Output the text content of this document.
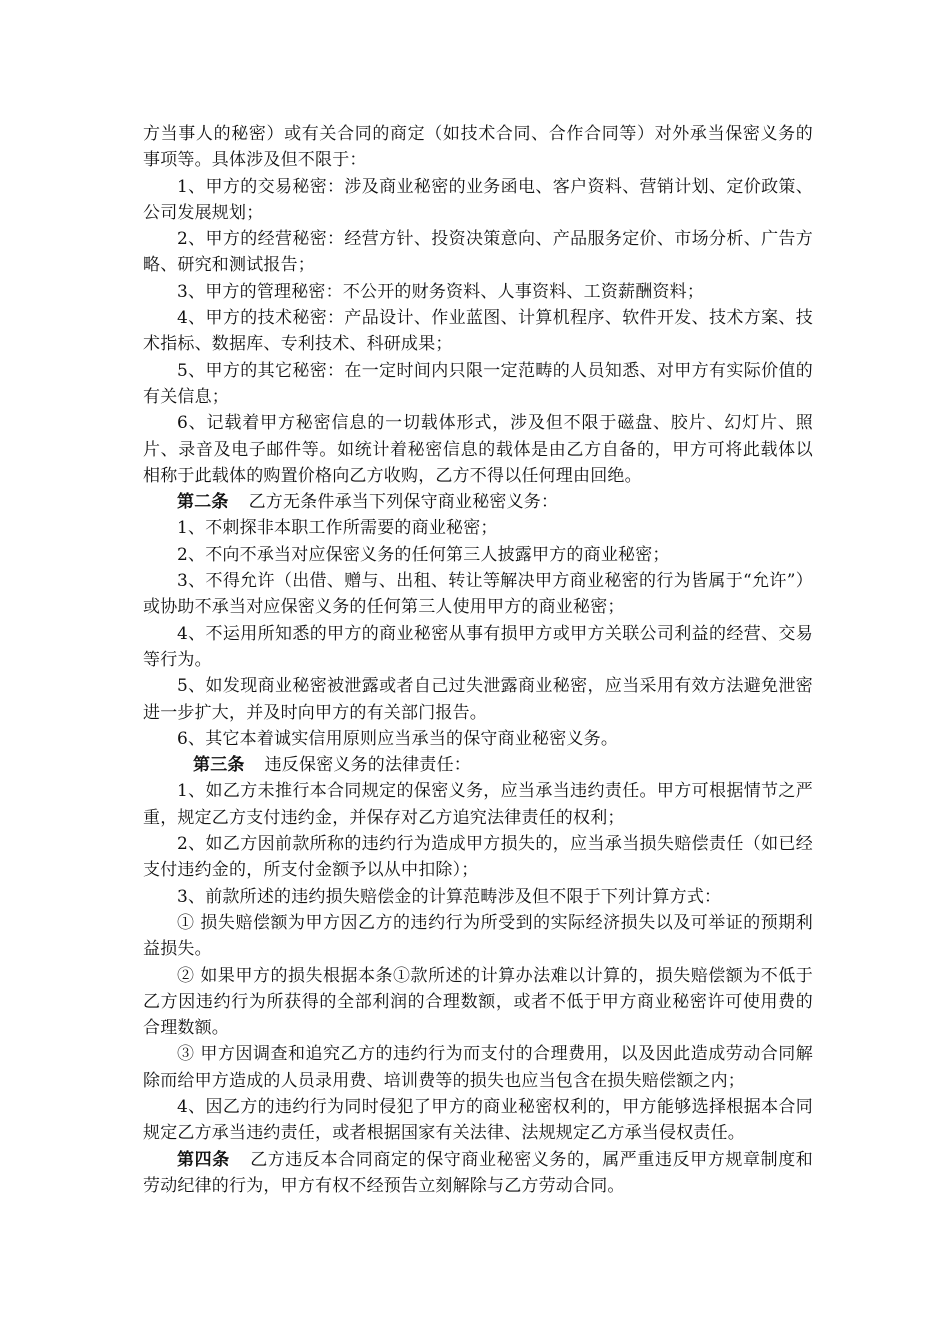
方当事人的秘密）或有关合同的商定（如技术合同、合作合同等）对外承当保密义务的事项等。具体涉及但不限于：

1、甲方的交易秘密：涉及商业秘密的业务函电、客户资料、营销计划、定价政策、公司发展规划；

2、甲方的经营秘密：经营方针、投资决策意向、产品服务定价、市场分析、广告方略、研究和测试报告；

3、甲方的管理秘密：不公开的财务资料、人事资料、工资薪酬资料；

4、甲方的技术秘密：产品设计、作业蓝图、计算机程序、软件开发、技术方案、技术指标、数据库、专利技术、科研成果；

5、甲方的其它秘密：在一定时间内只限一定范畴的人员知悉、对甲方有实际价值的有关信息；

6、记载着甲方秘密信息的一切载体形式，涉及但不限于磁盘、胶片、幻灯片、照片、录音及电子邮件等。如统计着秘密信息的载体是由乙方自备的，甲方可将此载体以相称于此载体的购置价格向乙方收购，乙方不得以任何理由回绝。

第二条 乙方无条件承当下列保守商业秘密义务：

1、不刺探非本职工作所需要的商业秘密；

2、不向不承当对应保密义务的任何第三人披露甲方的商业秘密；

3、不得允许（出借、赠与、出租、转让等解决甲方商业秘密的行为皆属于“允许”）或协助不承当对应保密义务的任何第三人使用甲方的商业秘密；

4、不运用所知悉的甲方的商业秘密从事有损甲方或甲方关联公司利益的经营、交易等行为。

5、如发现商业秘密被泄露或者自己过失泄露商业秘密，应当采用有效方法避免泄密进一步扩大，并及时向甲方的有关部门报告。

6、其它本着诚实信用原则应当承当的保守商业秘密义务。

第三条 违反保密义务的法律责任：

1、如乙方未推行本合同规定的保密义务，应当承当违约责任。甲方可根据情节之严重，规定乙方支付违约金，并保存对乙方追究法律责任的权利；

2、如乙方因前款所称的违约行为造成甲方损失的，应当承当损失赔偿责任（如已经支付违约金的，所支付金额予以从中扣除）；

3、前款所述的违约损失赔偿金的计算范畴涉及但不限于下列计算方式：

① 损失赔偿额为甲方因乙方的违约行为所受到的实际经济损失以及可举证的预期利益损失。

② 如果甲方的损失根据本条①款所述的计算办法难以计算的，损失赔偿额为不低于乙方因违约行为所获得的全部利润的合理数额，或者不低于甲方商业秘密许可使用费的合理数额。

③ 甲方因调查和追究乙方的违约行为而支付的合理费用，以及因此造成劳动合同解除而给甲方造成的人员录用费、培训费等的损失也应当包含在损失赔偿额之内；

4、因乙方的违约行为同时侵犯了甲方的商业秘密权利的，甲方能够选择根据本合同规定乙方承当违约责任，或者根据国家有关法律、法规规定乙方承当侵权责任。

第四条 乙方违反本合同商定的保守商业秘密义务的，属严重违反甲方规章制度和劳动纪律的行为，甲方有权不经预告立刻解除与乙方劳动合同。
